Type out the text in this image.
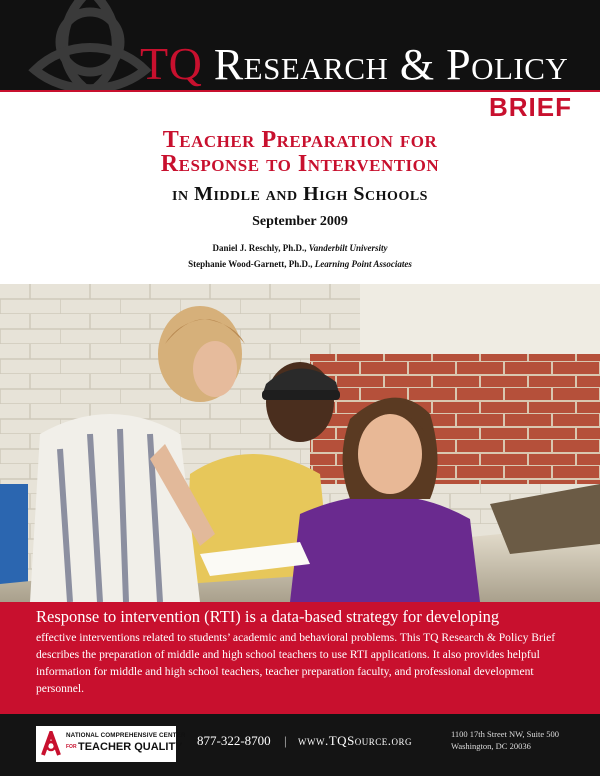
TQ Research & Policy
BRIEF
Teacher Preparation for
Response to Intervention
in Middle and High Schools
September 2009
Daniel J. Reschly, Ph.D., Vanderbilt University
Stephanie Wood-Garnett, Ph.D., Learning Point Associates
Response to intervention (RTI) is a data-based strategy for developing
effective interventions related to students’ academic and behavioral problems. This TQ Research & Policy Brief describes the preparation of middle and high school teachers to use RTI applications. It also provides helpful information for middle and high school teachers, teacher preparation faculty, and professional development personnel.
NATIONAL COMPREHENSIVE CENTER
FOR TEACHER QUALITY 877-322-8700 | www.TQSource.org	1100 17th Street NW, Suite 500
Washington, DC 20036
